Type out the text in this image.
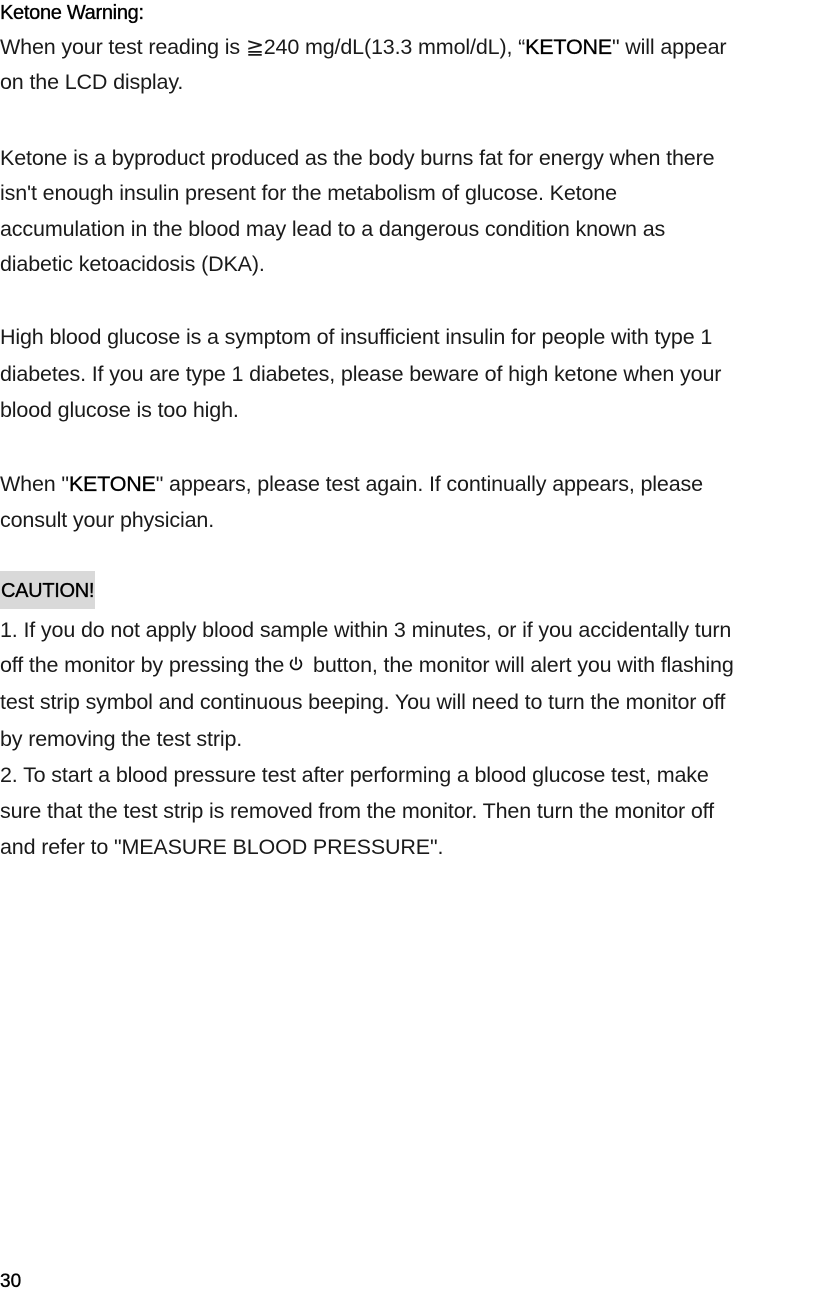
Ketone Warning:
When your test reading is ≧240 mg/dL(13.3 mmol/dL), “KETONE" will appear
on the LCD display.
Ketone is a byproduct produced as the body burns fat for energy when there
isn't enough insulin present for the metabolism of glucose. Ketone
accumulation in the blood may lead to a dangerous condition known as
diabetic ketoacidosis (DKA).
High blood glucose is a symptom of insufficient insulin for people with type 1
diabetes. If you are type 1 diabetes, please beware of high ketone when your
blood glucose is too high.
When "KETONE" appears, please test again. If continually appears, please
consult your physician.
CAUTION!
1. If you do not apply blood sample within 3 minutes, or if you accidentally turn
off the monitor by pressing the button, the monitor will alert you with flashing
test strip symbol and continuous beeping. You will need to turn the monitor off
by removing the test strip.
2. To start a blood pressure test after performing a blood glucose test, make
sure that the test strip is removed from the monitor. Then turn the monitor off
and refer to "MEASURE BLOOD PRESSURE".
30
